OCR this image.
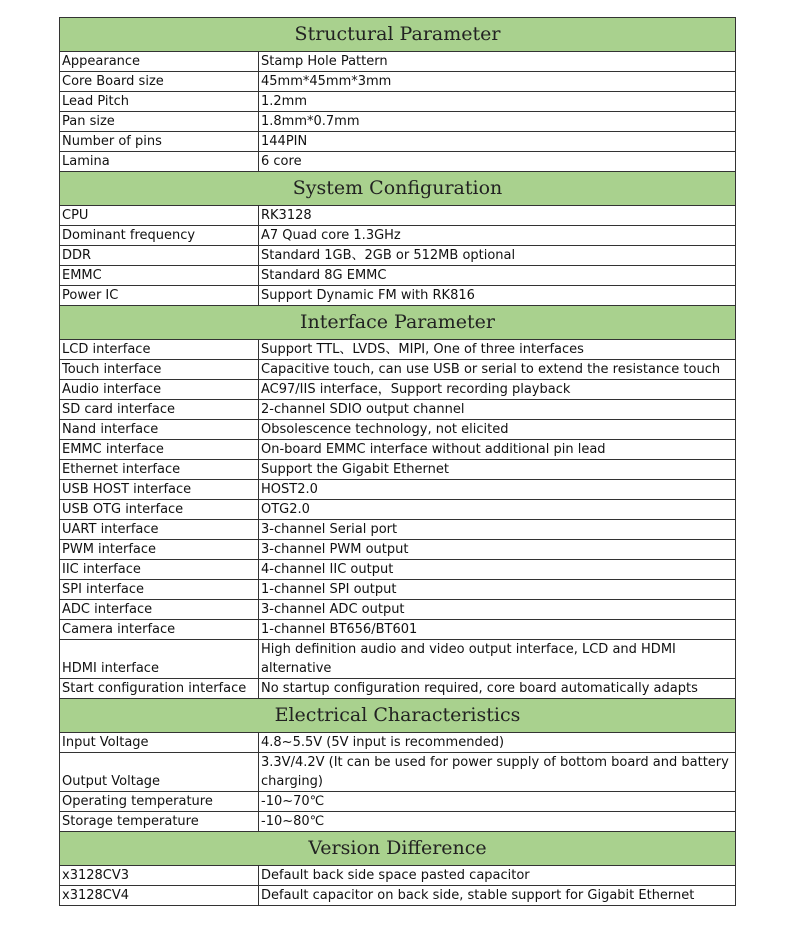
Structural Parameter	
Appearance	Stamp Hole Pattern
Core Board size	45mm*45mm*3mm
Lead Pitch	1.2mm
Pan size	1.8mm*0.7mm
Number of pins	144PIN
Lamina	6 core
System Configuration	
CPU	RK3128
Dominant frequency	A7 Quad core 1.3GHz
DDR	Standard 1GB、2GB or 512MB optional
EMMC	Standard 8G EMMC
Power IC	Support Dynamic FM with RK816
Interface Parameter	
LCD interface	Support TTL、LVDS、MIPI, One of three interfaces
Touch interface	Capacitive touch, can use USB or serial to extend the resistance touch
Audio interface	AC97/IIS interface，Support recording playback
SD card interface	2-channel SDIO output channel
Nand interface	Obsolescence technology, not elicited
EMMC interface	On-board EMMC interface without additional pin lead
Ethernet interface	Support the Gigabit Ethernet
USB HOST interface	HOST2.0
USB OTG interface	OTG2.0
UART interface	3-channel Serial port
PWM interface	3-channel PWM output
IIC interface	4-channel IIC output
SPI interface	1-channel SPI output
ADC interface	3-channel ADC output
Camera interface	1-channel BT656/BT601
HDMI interface	High definition audio and video output interface, LCD and HDMI alternative
Start configuration interface	No startup configuration required, core board automatically adapts
Electrical Characteristics	
Input Voltage	4.8~5.5V (5V input is recommended)
Output Voltage	3.3V/4.2V (It can be used for power supply of bottom board and battery charging)
Operating temperature	-10~70℃
Storage temperature	-10~80℃
Version Difference	
x3128CV3	Default back side space pasted capacitor
x3128CV4	Default capacitor on back side, stable support for Gigabit Ethernet
